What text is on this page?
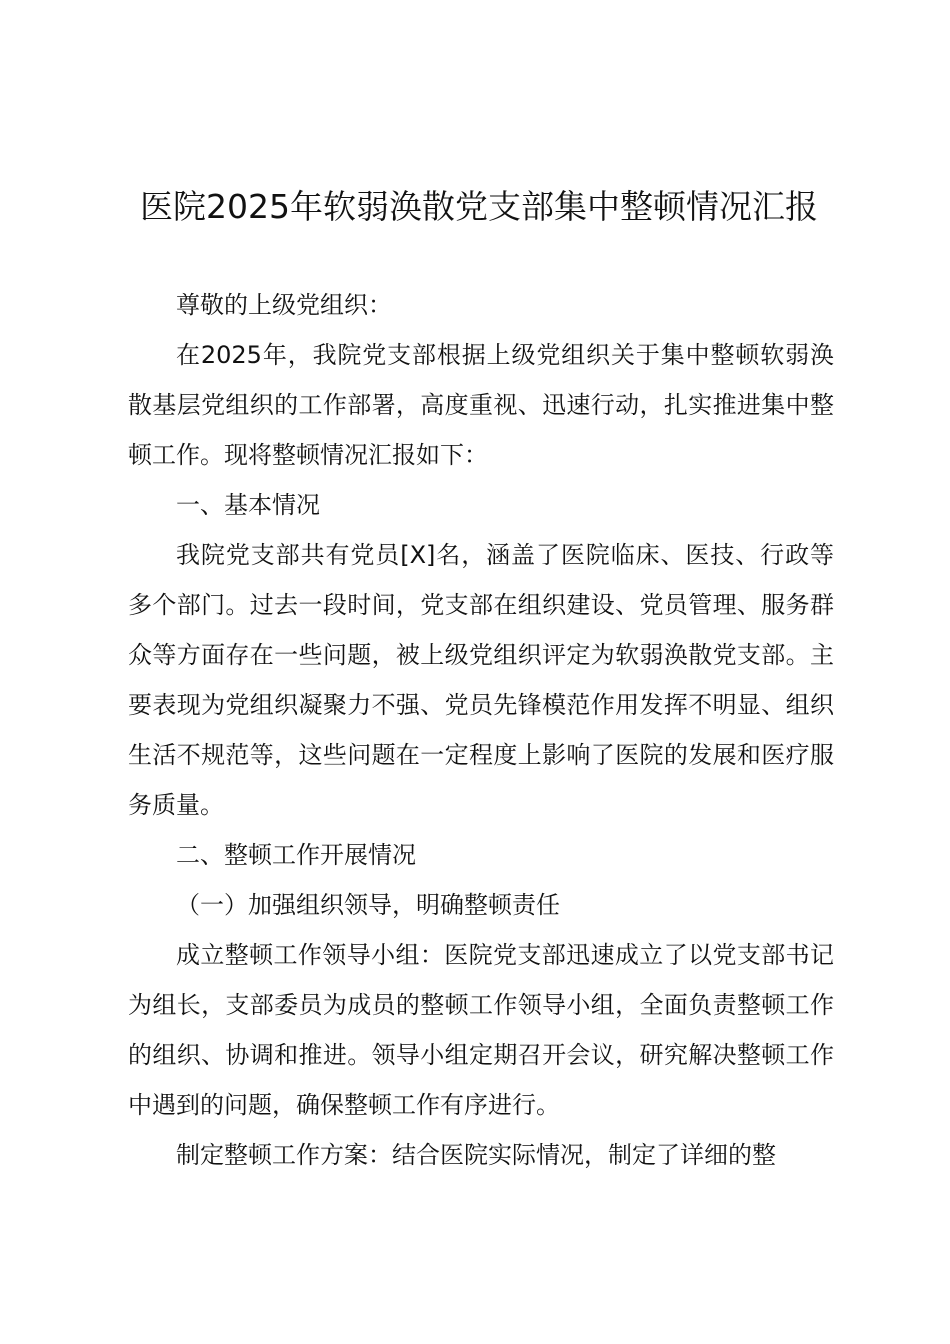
医院2025年软弱涣散党支部集中整顿情况汇报

尊敬的上级党组织：

在2025年，我院党支部根据上级党组织关于集中整顿软弱涣散基层党组织的工作部署，高度重视、迅速行动，扎实推进集中整顿工作。现将整顿情况汇报如下：

一、基本情况

我院党支部共有党员[X]名，涵盖了医院临床、医技、行政等多个部门。过去一段时间，党支部在组织建设、党员管理、服务群众等方面存在一些问题，被上级党组织评定为软弱涣散党支部。主要表现为党组织凝聚力不强、党员先锋模范作用发挥不明显、组织生活不规范等，这些问题在一定程度上影响了医院的发展和医疗服务质量。

二、整顿工作开展情况

（一）加强组织领导，明确整顿责任

成立整顿工作领导小组：医院党支部迅速成立了以党支部书记为组长，支部委员为成员的整顿工作领导小组，全面负责整顿工作的组织、协调和推进。领导小组定期召开会议，研究解决整顿工作中遇到的问题，确保整顿工作有序进行。

制定整顿工作方案：结合医院实际情况，制定了详细的整
